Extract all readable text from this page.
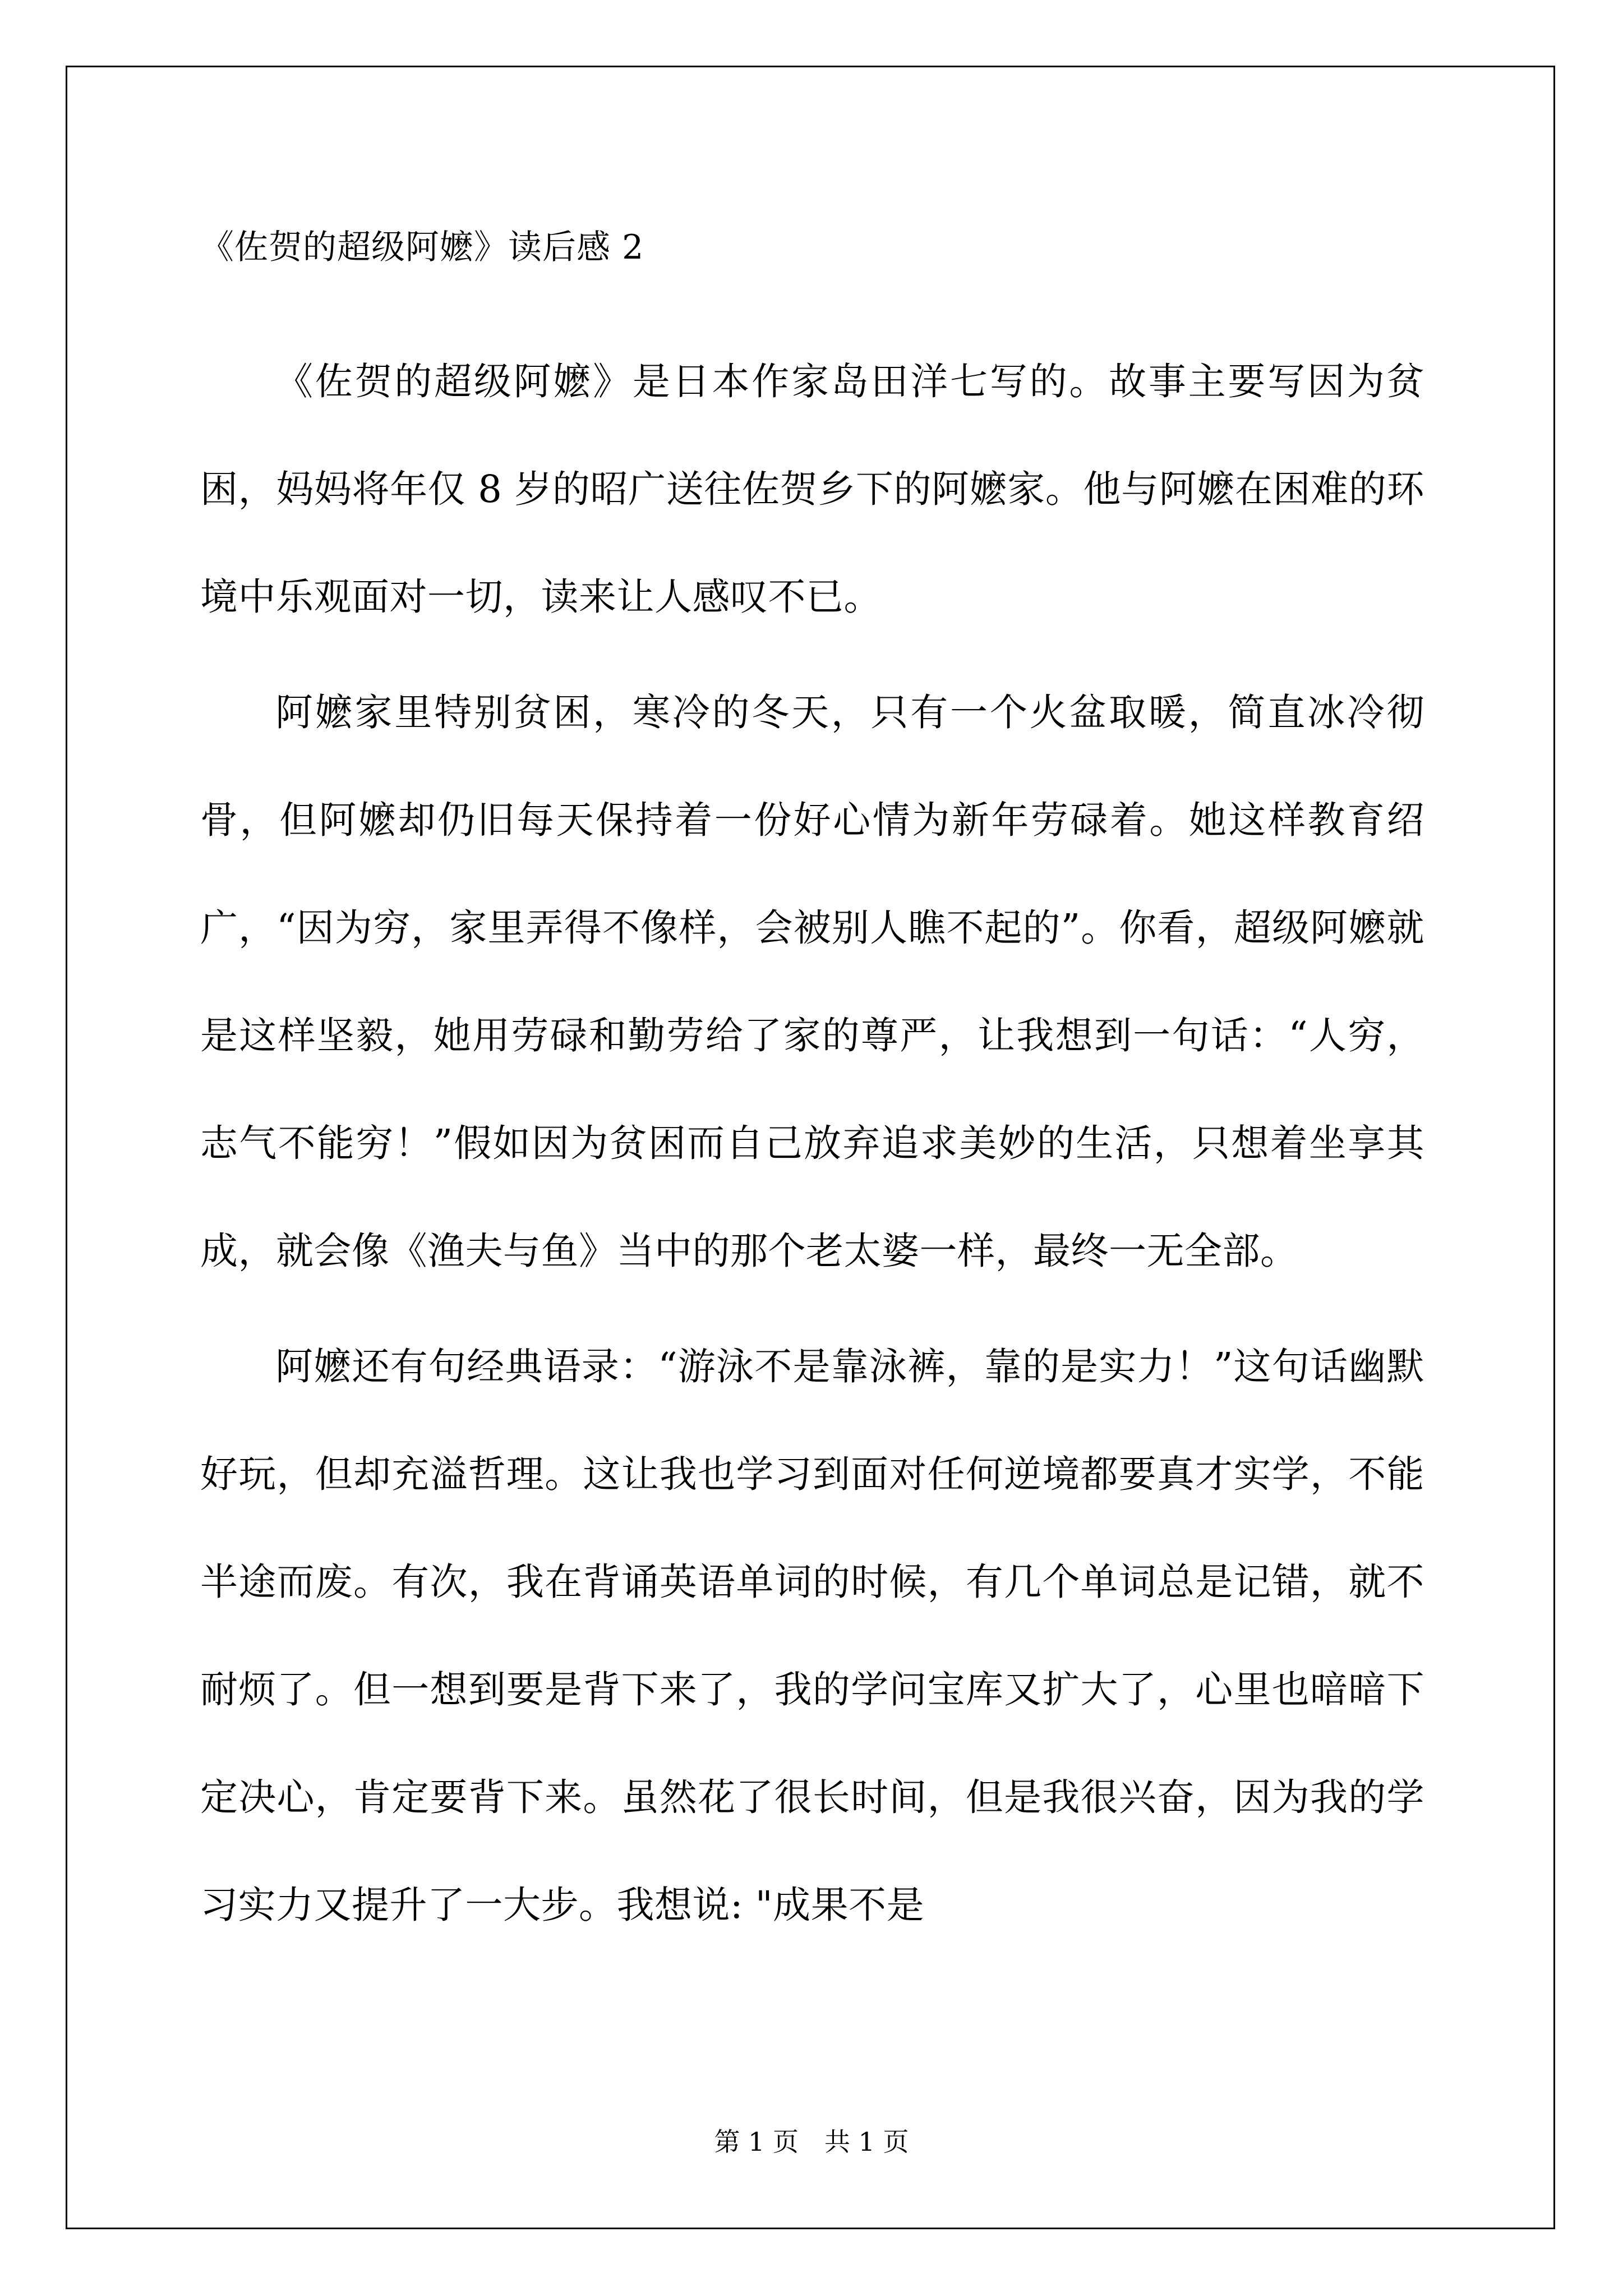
《佐贺的超级阿嬷》读后感 2

《佐贺的超级阿嬷》是日本作家岛田洋七写的。故事主要写因为贫困，妈妈将年仅 8 岁的昭广送往佐贺乡下的阿嬷家。他与阿嬷在困难的环境中乐观面对一切，读来让人感叹不已。

阿嬷家里特别贫困，寒冷的冬天，只有一个火盆取暖，简直冰冷彻骨，但阿嬷却仍旧每天保持着一份好心情为新年劳碌着。她这样教育绍广，“因为穷，家里弄得不像样，会被别人瞧不起的”。你看，超级阿嬷就是这样坚毅，她用劳碌和勤劳给了家的尊严，让我想到一句话：“人穷，志气不能穷！”假如因为贫困而自己放弃追求美妙的生活，只想着坐享其成，就会像《渔夫与鱼》当中的那个老太婆一样，最终一无全部。

阿嬷还有句经典语录：“游泳不是靠泳裤，靠的是实力！”这句话幽默好玩，但却充溢哲理。这让我也学习到面对任何逆境都要真才实学，不能半途而废。有次，我在背诵英语单词的时候，有几个单词总是记错，就不耐烦了。但一想到要是背下来了，我的学问宝库又扩大了，心里也暗暗下定决心，肯定要背下来。虽然花了很长时间，但是我很兴奋，因为我的学习实力又提升了一大步。我想说: "成果不是

第 1 页　共 1 页
